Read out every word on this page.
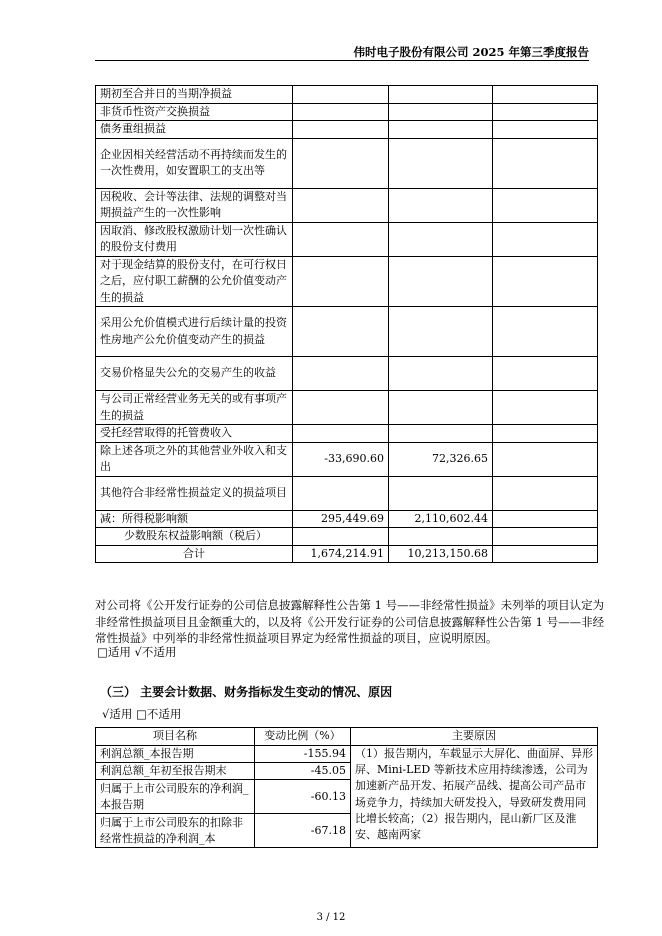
伟时电子股份有限公司 2025 年第三季度报告
期初至合并日的当期净损益			
非货币性资产交换损益			
债务重组损益			
企业因相关经营活动不再持续而发生的一次性费用，如安置职工的支出等			
因税收、会计等法律、法规的调整对当期损益产生的一次性影响			
因取消、修改股权激励计划一次性确认的股份支付费用			
对于现金结算的股份支付，在可行权日之后，应付职工薪酬的公允价值变动产生的损益			
采用公允价值模式进行后续计量的投资性房地产公允价值变动产生的损益			
交易价格显失公允的交易产生的收益			
与公司正常经营业务无关的或有事项产生的损益			
受托经营取得的托管费收入			
除上述各项之外的其他营业外收入和支出	-33,690.60	72,326.65	
其他符合非经常性损益定义的损益项目			
减：所得税影响额	295,449.69	2,110,602.44	
少数股东权益影响额（税后）			
合计	1,674,214.91	10,213,150.68	
对公司将《公开发行证券的公司信息披露解释性公告第 1 号——非经常性损益》未列举的项目认定为非经常性损益项目且金额重大的，以及将《公开发行证券的公司信息披露解释性公告第 1 号——非经常性损益》中列举的非经常性损益项目界定为经常性损益的项目，应说明原因。
□适用 √不适用
（三） 主要会计数据、财务指标发生变动的情况、原因
√适用 □不适用
项目名称	变动比例（%）	主要原因
利润总额_本报告期	-155.94	（1）报告期内，车载显示大屏化、曲面屏、异形屏、Mini-LED 等新技术应用持续渗透，公司为加速新产品开发、拓展产品线、提高公司产品市场竞争力，持续加大研发投入，导致研发费用同比增长较高；（2）报告期内，昆山新厂区及淮安、越南两家
利润总额_年初至报告期末	-45.05	
归属于上市公司股东的净利润_本报告期	-60.13	
归属于上市公司股东的扣除非经常性损益的净利润_本	-67.18	
3 / 12
